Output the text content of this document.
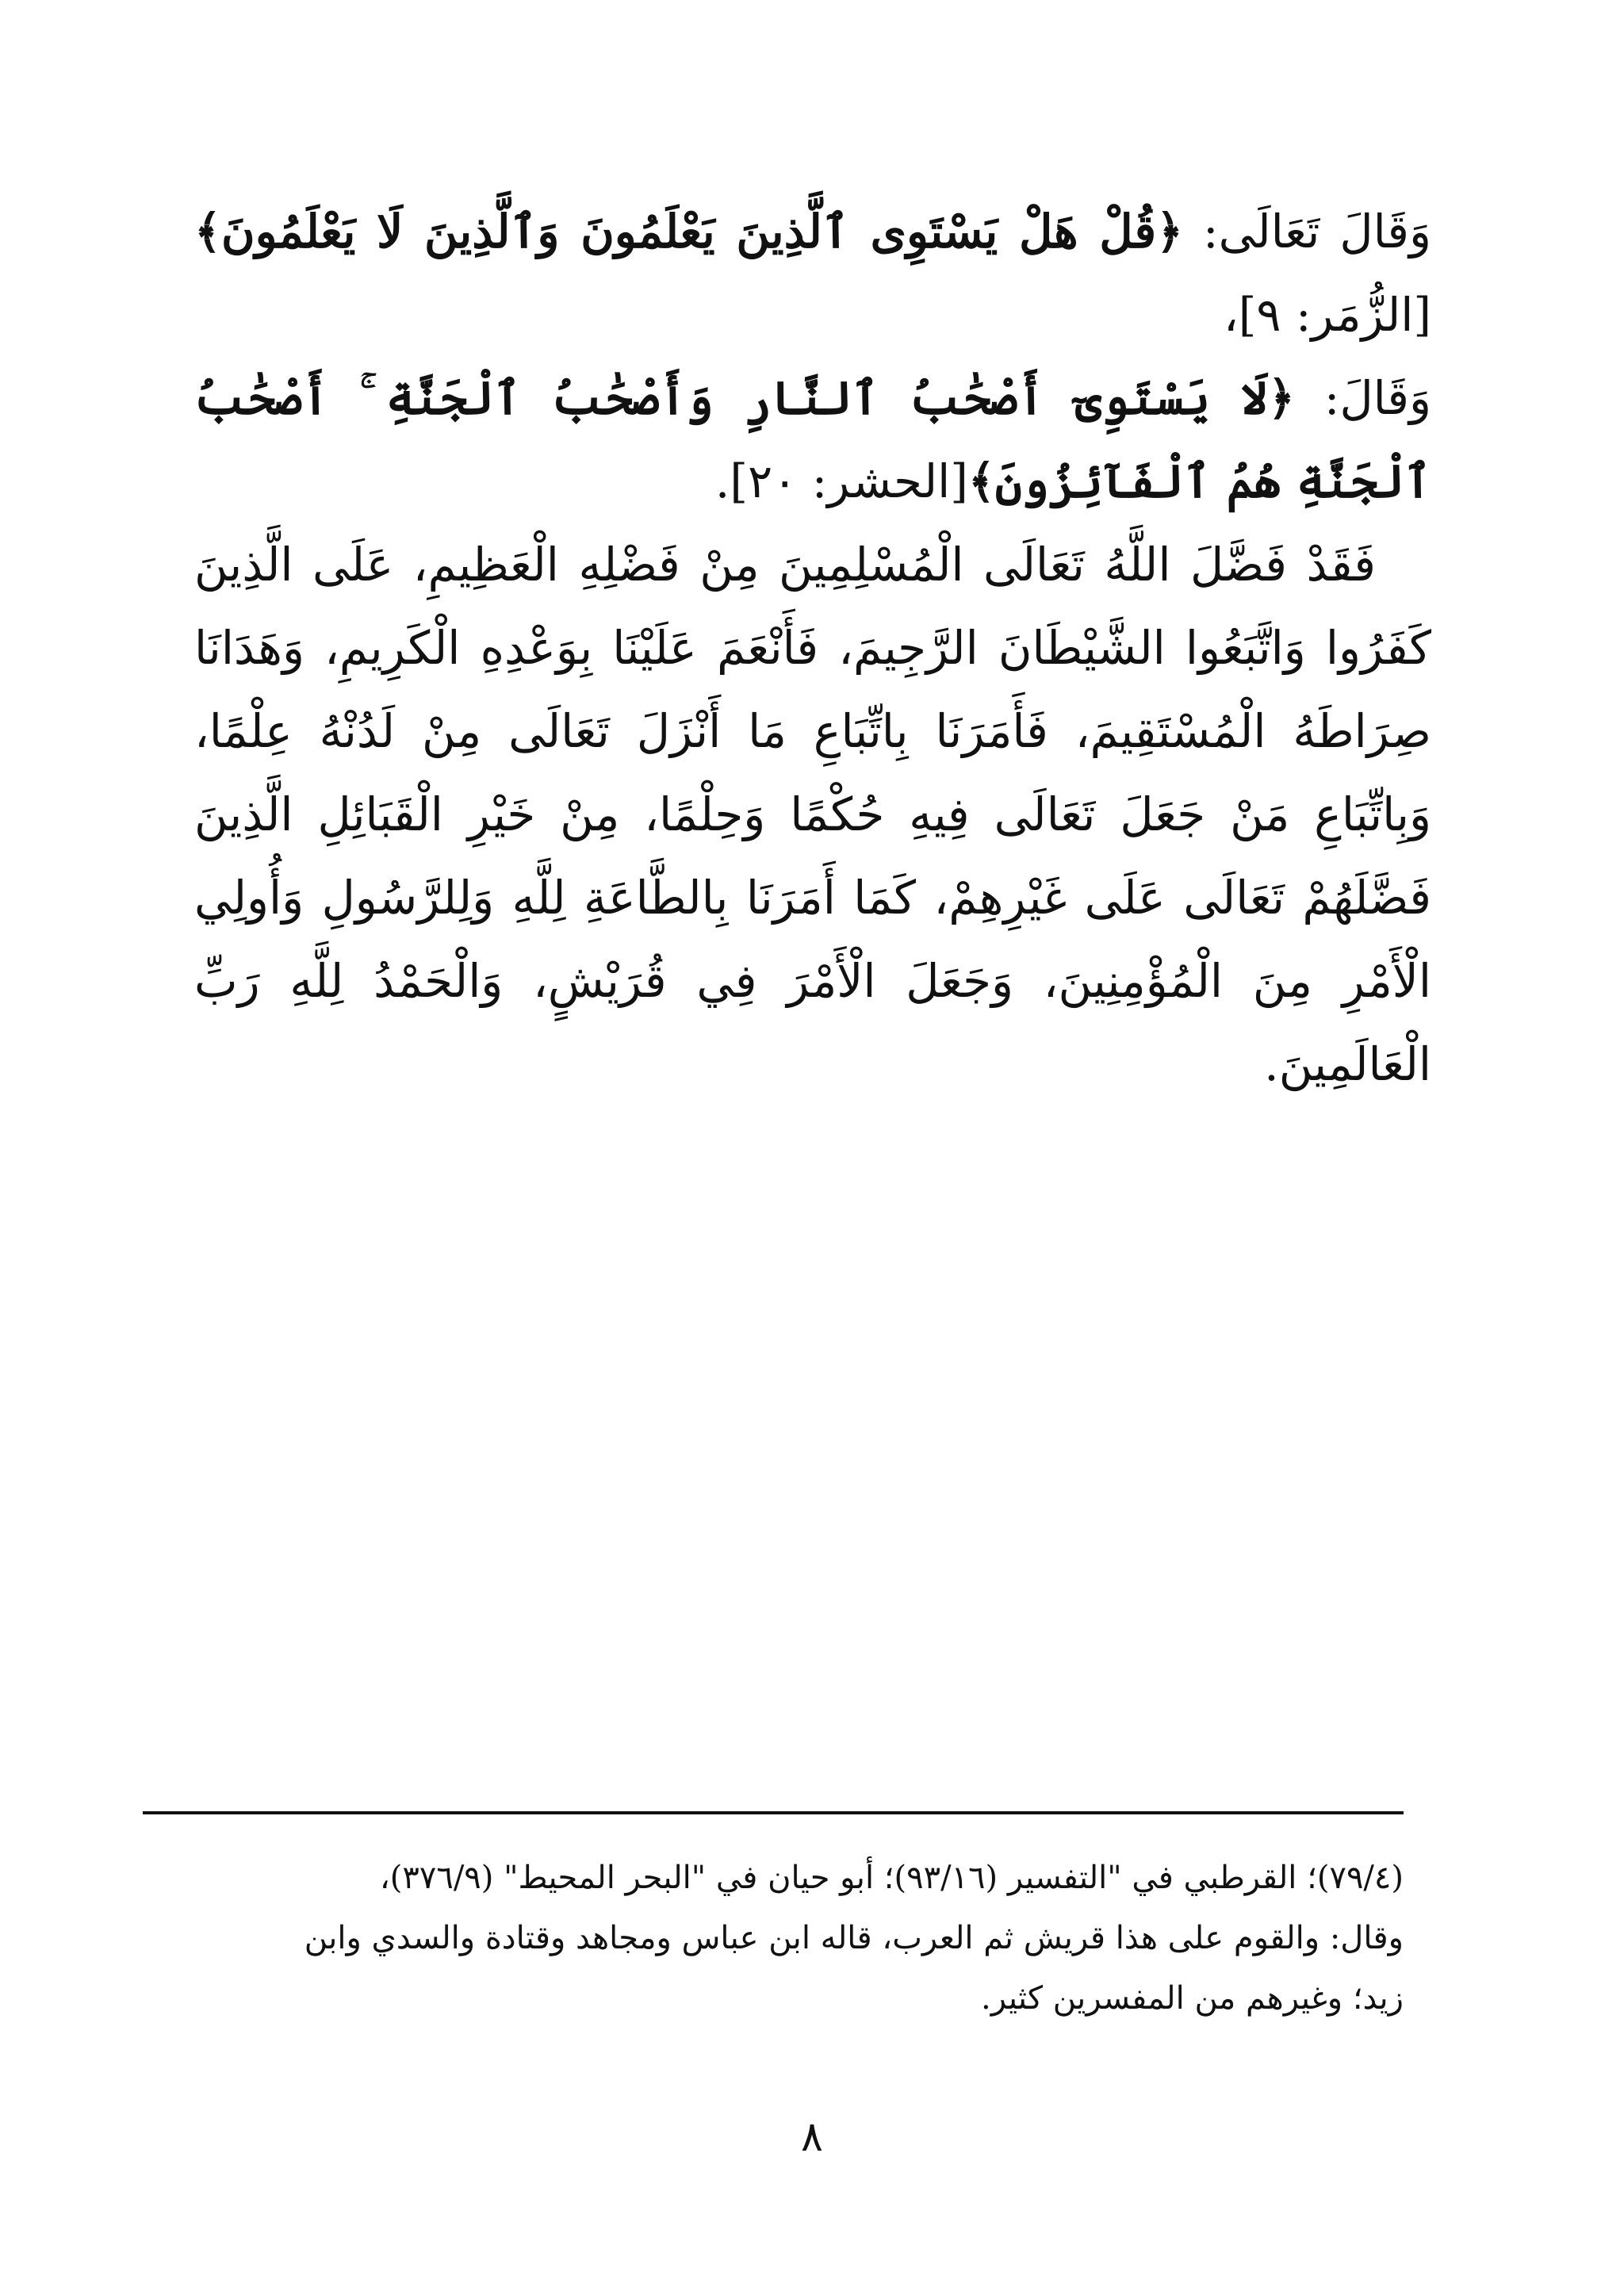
وَقَالَ تَعَالَى: ﴿قُلْ هَلْ يَسْتَوِى ٱلَّذِينَ يَعْلَمُونَ وَٱلَّذِينَ لَا يَعْلَمُونَ﴾ [الزُّمَر: ٩]،

وَقَالَ: ﴿لَا يَسْتَوِىٓ أَصْحَٰبُ ٱلنَّارِ وَأَصْحَٰبُ ٱلْجَنَّةِ ۚ أَصْحَٰبُ ٱلْجَنَّةِ هُمُ ٱلْفَآئِزُونَ﴾[الحشر: ٢٠].

فَقَدْ فَضَّلَ اللَّهُ تَعَالَى الْمُسْلِمِينَ مِنْ فَضْلِهِ الْعَظِيمِ، عَلَى الَّذِينَ كَفَرُوا وَاتَّبَعُوا الشَّيْطَانَ الرَّجِيمَ، فَأَنْعَمَ عَلَيْنَا بِوَعْدِهِ الْكَرِيمِ، وَهَدَانَا صِرَاطَهُ الْمُسْتَقِيمَ، فَأَمَرَنَا بِاتِّبَاعِ مَا أَنْزَلَ تَعَالَى مِنْ لَدُنْهُ عِلْمًا، وَبِاتِّبَاعِ مَنْ جَعَلَ تَعَالَى فِيهِ حُكْمًا وَحِلْمًا، مِنْ خَيْرِ الْقَبَائِلِ الَّذِينَ فَضَّلَهُمْ تَعَالَى عَلَى غَيْرِهِمْ، كَمَا أَمَرَنَا بِالطَّاعَةِ لِلَّهِ وَلِلرَّسُولِ وَأُولِي الْأَمْرِ مِنَ الْمُؤْمِنِينَ، وَجَعَلَ الْأَمْرَ فِي قُرَيْشٍ، وَالْحَمْدُ لِلَّهِ رَبِّ الْعَالَمِينَ.

(٧٩/٤)؛ القرطبي في "التفسير (٩٣/١٦)؛ أبو حيان في "البحر المحيط" (٣٧٦/٩)،

وقال: والقوم على هذا قريش ثم العرب، قاله ابن عباس ومجاهد وقتادة والسدي وابن

زيد؛ وغيرهم من المفسرين كثير.

٨
